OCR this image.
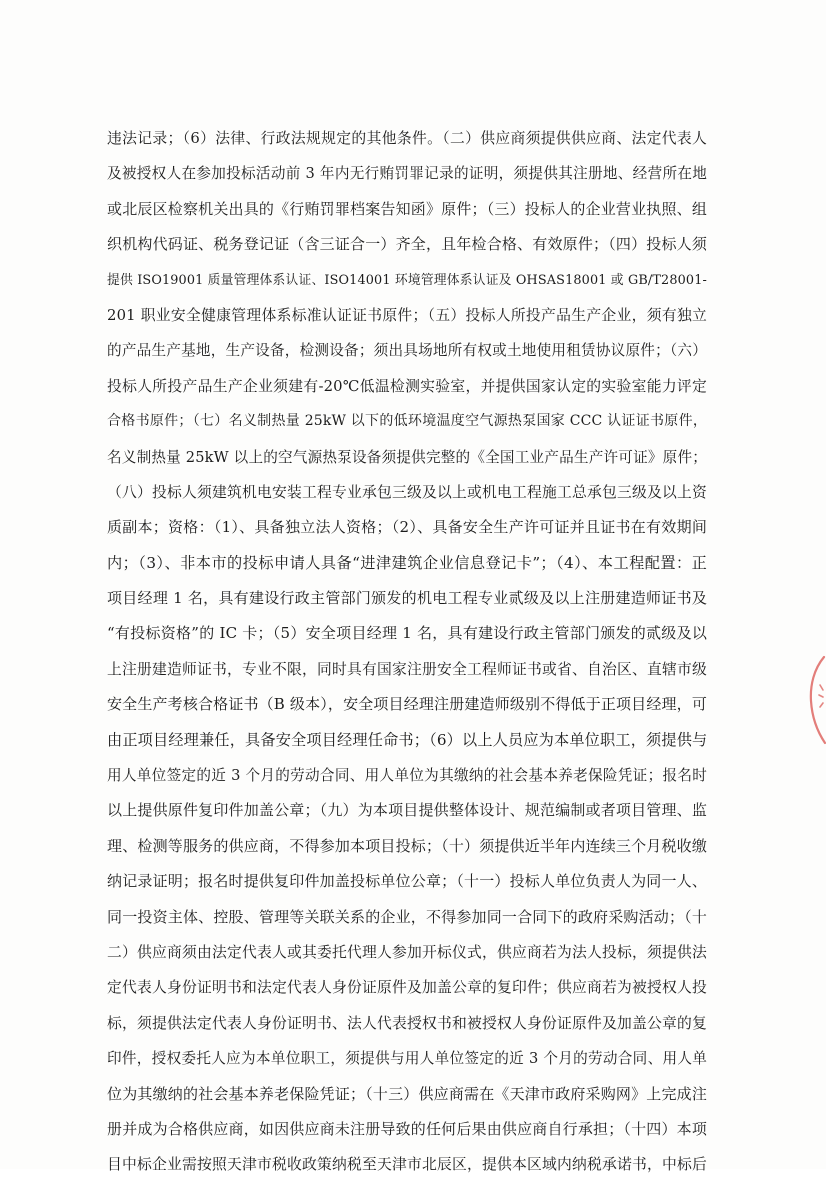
违法记录；（6）法律、行政法规规定的其他条件。（二）供应商须提供供应商、法定代表人
及被授权人在参加投标活动前 3 年内无行贿罚罪记录的证明，须提供其注册地、经营所在地
或北辰区检察机关出具的《行贿罚罪档案告知函》原件；（三）投标人的企业营业执照、组
织机构代码证、税务登记证（含三证合一）齐全，且年检合格、有效原件；（四）投标人须
提供 ISO19001 质量管理体系认证、ISO14001 环境管理体系认证及 OHSAS18001 或 GB/T28001-
201 职业安全健康管理体系标准认证证书原件；（五）投标人所投产品生产企业，须有独立
的产品生产基地，生产设备，检测设备；须出具场地所有权或土地使用租赁协议原件；（六）
投标人所投产品生产企业须建有-20℃低温检测实验室，并提供国家认定的实验室能力评定
合格书原件；（七）名义制热量 25kW 以下的低环境温度空气源热泵国家 CCC 认证证书原件，
名义制热量 25kW 以上的空气源热泵设备须提供完整的《全国工业产品生产许可证》原件；
（八）投标人须建筑机电安装工程专业承包三级及以上或机电工程施工总承包三级及以上资
质副本；资格：（1）、具备独立法人资格；（2）、具备安全生产许可证并且证书在有效期间
内；（3）、非本市的投标申请人具备“进津建筑企业信息登记卡”；（4）、本工程配置：正
项目经理 1 名，具有建设行政主管部门颁发的机电工程专业贰级及以上注册建造师证书及
“有投标资格”的 IC 卡；（5）安全项目经理 1 名，具有建设行政主管部门颁发的贰级及以
上注册建造师证书，专业不限，同时具有国家注册安全工程师证书或省、自治区、直辖市级
安全生产考核合格证书（B 级本），安全项目经理注册建造师级别不得低于正项目经理，可
由正项目经理兼任，具备安全项目经理任命书；（6）以上人员应为本单位职工，须提供与
用人单位签定的近 3 个月的劳动合同、用人单位为其缴纳的社会基本养老保险凭证；报名时
以上提供原件复印件加盖公章；（九）为本项目提供整体设计、规范编制或者项目管理、监
理、检测等服务的供应商，不得参加本项目投标；（十）须提供近半年内连续三个月税收缴
纳记录证明；报名时提供复印件加盖投标单位公章；（十一）投标人单位负责人为同一人、
同一投资主体、控股、管理等关联关系的企业，不得参加同一合同下的政府采购活动；（十
二）供应商须由法定代表人或其委托代理人参加开标仪式，供应商若为法人投标，须提供法
定代表人身份证明书和法定代表人身份证原件及加盖公章的复印件；供应商若为被授权人投
标，须提供法定代表人身份证明书、法人代表授权书和被授权人身份证原件及加盖公章的复
印件，授权委托人应为本单位职工，须提供与用人单位签定的近 3 个月的劳动合同、用人单
位为其缴纳的社会基本养老保险凭证；（十三）供应商需在《天津市政府采购网》上完成注
册并成为合格供应商，如因供应商未注册导致的任何后果由供应商自行承担；（十四）本项
目中标企业需按照天津市税收政策纳税至天津市北辰区，提供本区域内纳税承诺书，中标后
